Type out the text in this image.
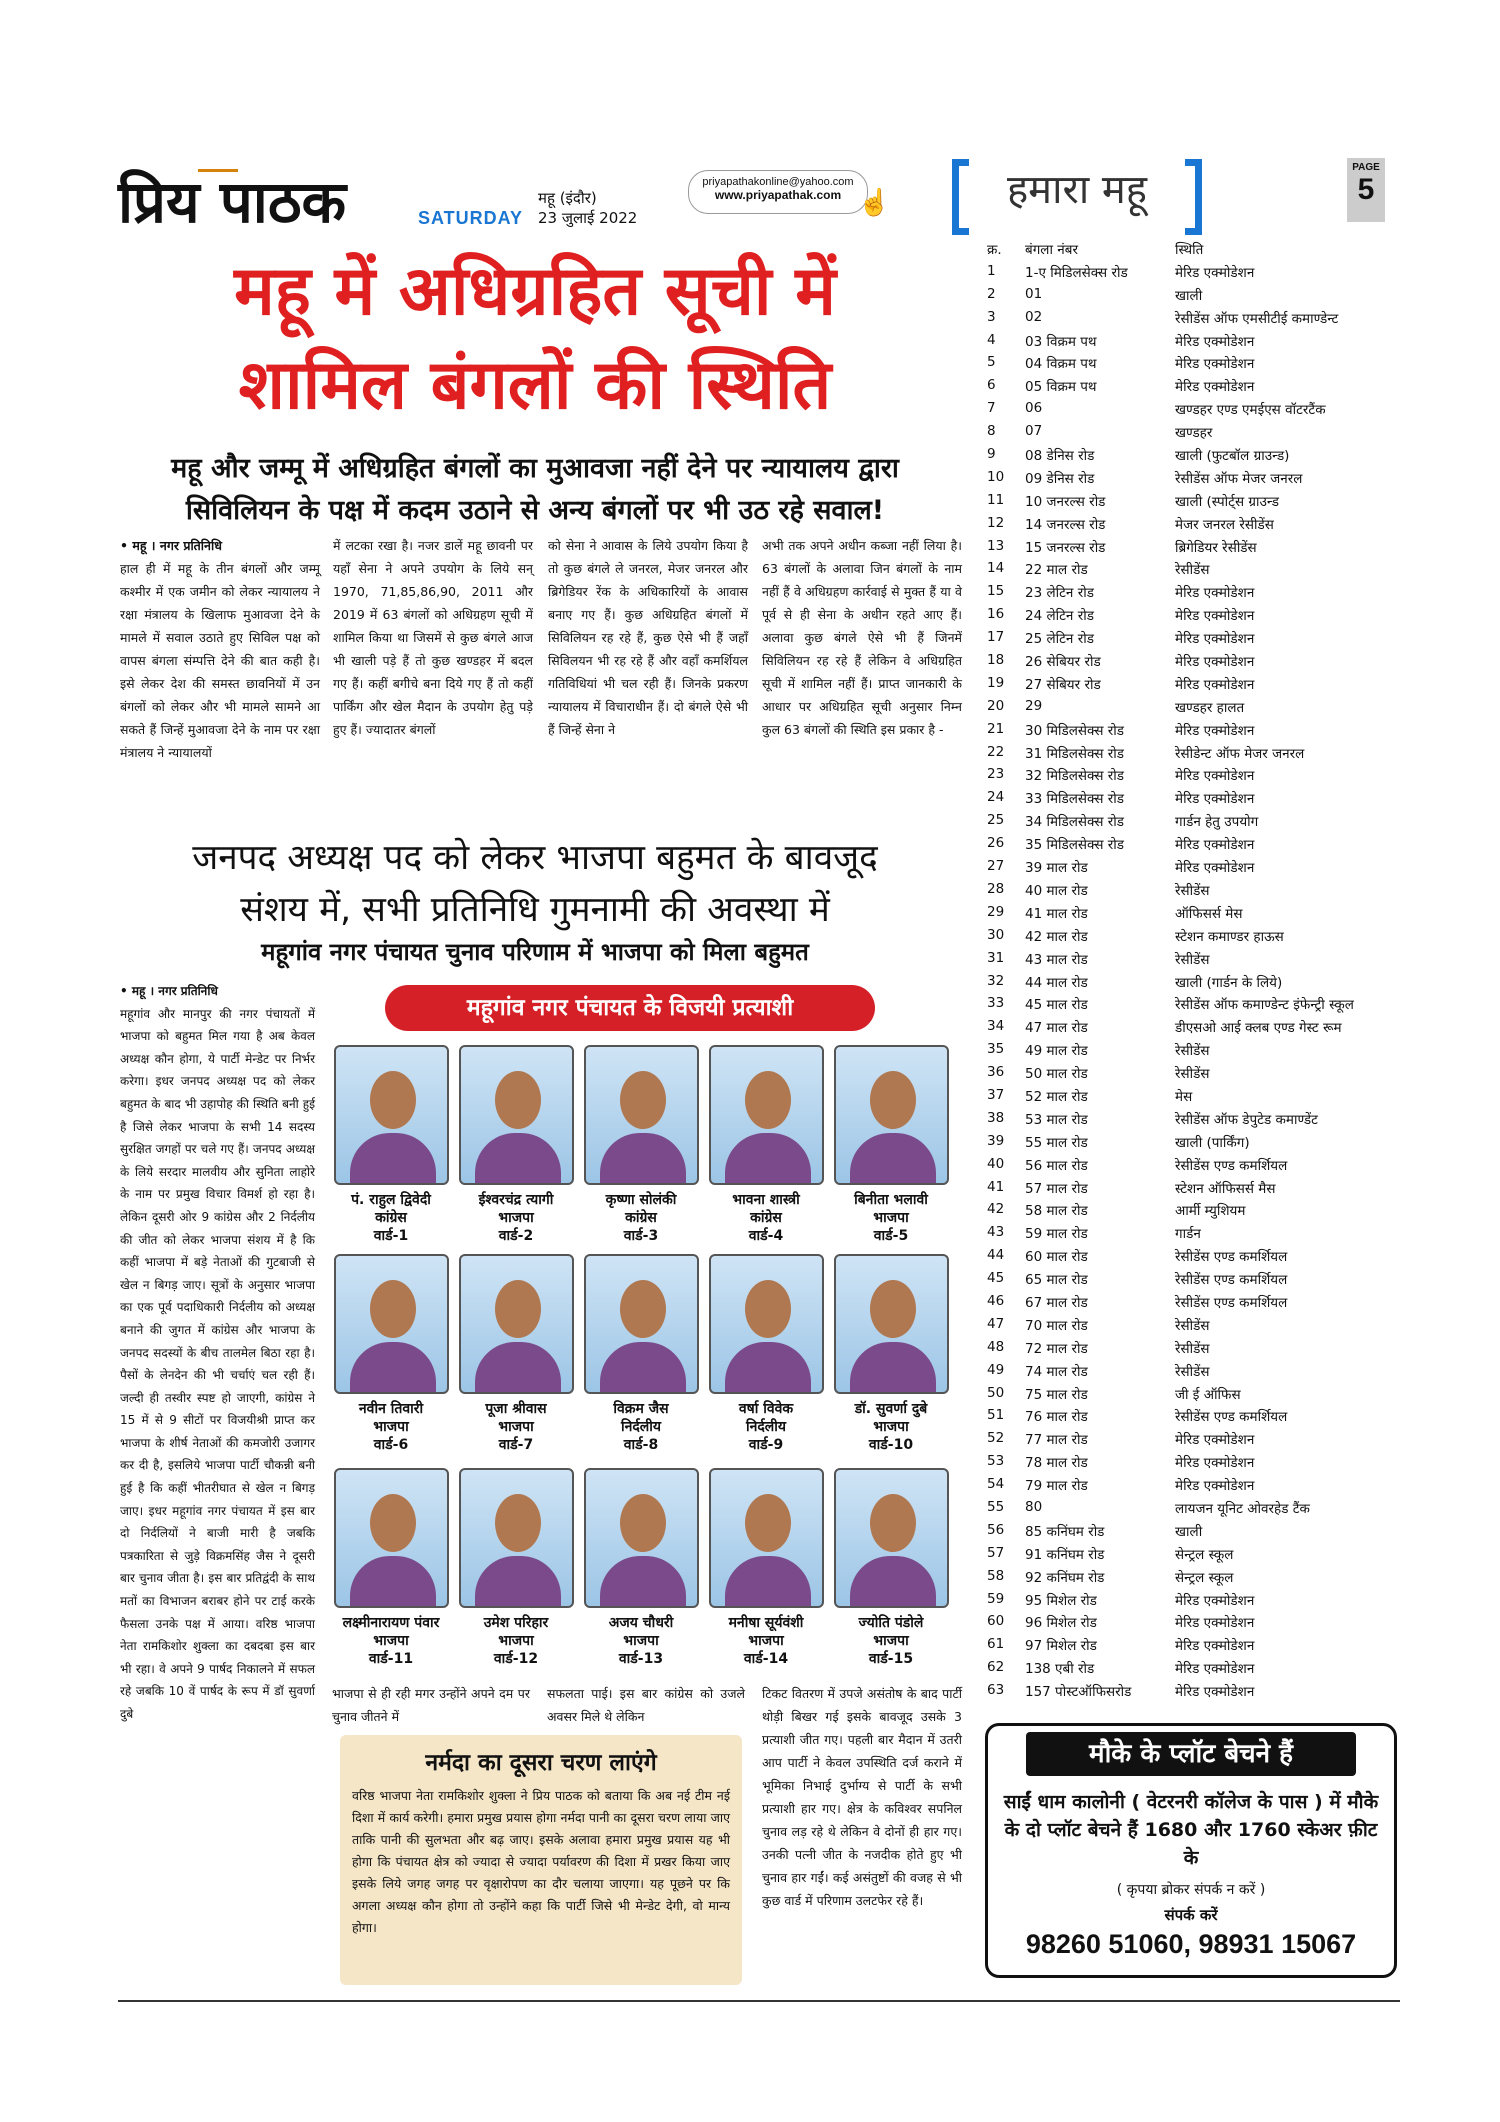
प्रिय पाठक	SATURDAY
महू (इंदौर)
23 जुलाई 2022
priyapathakonline@yahoo.com
www.priyapathak.com ☝	हमारा महू	PAGE
5
महू में अधिग्रहित सूची में
शामिल बंगलों की स्थिति
महू और जम्मू में अधिग्रहित बंगलों का मुआवजा नहीं देने पर न्यायालय द्वारा सिविलियन के पक्ष में कदम उठाने से अन्य बंगलों पर भी उठ रहे सवाल!
• महू । नगर प्रतिनिधि
हाल ही में महू के तीन बंगलों और जम्मू कश्मीर में एक जमीन को लेकर न्यायालय ने रक्षा मंत्रालय के खिलाफ मुआवजा देने के मामले में सवाल उठाते हुए सिविल पक्ष को वापस बंगला संम्पत्ति देने की बात कही है। इसे लेकर देश की समस्त छावनियों में उन बंगलों को लेकर और भी मामले सामने आ सकते हैं जिन्हें मुआवजा देने के नाम पर रक्षा मंत्रालय ने न्यायालयों
में लटका रखा है। नजर डालें महू छावनी पर यहाँ सेना ने अपने उपयोग के लिये सन् 1970, 71,85,86,90, 2011 और 2019 में 63 बंगलों को अधिग्रहण सूची में शामिल किया था जिसमें से कुछ बंगले आज भी खाली पड़े हैं तो कुछ खण्डहर में बदल गए हैं। कहीं बगीचे बना दिये गए हैं तो कहीं पार्किंग और खेल मैदान के उपयोग हेतु पड़े हुए हैं। ज्यादातर बंगलों
को सेना ने आवास के लिये उपयोग किया है तो कुछ बंगले ले जनरल, मेजर जनरल और ब्रिगेडियर रेंक के अधिकारियों के आवास बनाए गए हैं। कुछ अधिग्रहित बंगलों में सिविलियन रह रहे हैं, कुछ ऐसे भी हैं जहाँ सिविलयन भी रह रहे हैं और वहाँ कमर्शियल गतिविधियां भी चल रही हैं। जिनके प्रकरण न्यायालय में विचाराधीन हैं। दो बंगले ऐसे भी हैं जिन्हें सेना ने
अभी तक अपने अधीन कब्जा नहीं लिया है। 63 बंगलों के अलावा जिन बंगलों के नाम नहीं हैं वे अधिग्रहण कार्रवाई से मुक्त हैं या वे पूर्व से ही सेना के अधीन रहते आए हैं। अलावा कुछ बंगले ऐसे भी हैं जिनमें सिविलियन रह रहे हैं लेकिन वे अधिग्रहित सूची में शामिल नहीं हैं। प्राप्त जानकारी के आधार पर अधिग्रहित सूची अनुसार निम्न कुल 63 बंगलों की स्थिति इस प्रकार है -
जनपद अध्यक्ष पद को लेकर भाजपा बहुमत के बावजूद
संशय में, सभी प्रतिनिधि गुमनामी की अवस्था में
महूगांव नगर पंचायत चुनाव परिणाम में भाजपा को मिला बहुमत
• महू । नगर प्रतिनिधि
महूगांव और मानपुर की नगर पंचायतों में भाजपा को बहुमत मिल गया है अब केवल अध्यक्ष कौन होगा, ये पार्टी मेन्डेट पर निर्भर करेगा। इधर जनपद अध्यक्ष पद को लेकर बहुमत के बाद भी उहापोह की स्थिति बनी हुई है जिसे लेकर भाजपा के सभी 14 सदस्य सुरक्षित जगहों पर चले गए हैं। जनपद अध्यक्ष के लिये सरदार मालवीय और सुनिता लाहोरे के नाम पर प्रमुख विचार विमर्श हो रहा है। लेकिन दूसरी ओर 9 कांग्रेस और 2 निर्दलीय की जीत को लेकर भाजपा संशय में है कि कहीं भाजपा में बड़े नेताओं की गुटबाजी से खेल न बिगड़ जाए। सूत्रों के अनुसार भाजपा का एक पूर्व पदाधिकारी निर्दलीय को अध्यक्ष बनाने की जुगत में कांग्रेस और भाजपा के जनपद सदस्यों के बीच तालमेल बिठा रहा है। पैसों के लेनदेन की भी चर्चाएं चल रही हैं। जल्दी ही तस्वीर स्पष्ट हो जाएगी, कांग्रेस ने 15 में से 9 सीटों पर विजयीश्री प्राप्त कर भाजपा के शीर्ष नेताओं की कमजोरी उजागर कर दी है, इसलिये भाजपा पार्टी चौकन्नी बनी हुई है कि कहीं भीतरीघात से खेल न बिगड़ जाए। इधर महूगांव नगर पंचायत में इस बार दो निर्दलियों ने बाजी मारी है जबकि पत्रकारिता से जुड़े विक्रमसिंह जैस ने दूसरी बार चुनाव जीता है। इस बार प्रतिद्वंदी के साथ मतों का विभाजन बराबर होने पर टाई करके फैसला उनके पक्ष में आया। वरिष्ठ भाजपा नेता रामकिशोर शुक्ला का दबदबा इस बार भी रहा। वे अपने 9 पार्षद निकालने में सफल रहे जबकि 10 वें पार्षद के रूप में डॉ सुवर्णा दुबे
महूगांव नगर पंचायत के विजयी प्रत्याशी
पं. राहुल द्विवेदी
कांग्रेस
वार्ड-1
ईश्वरचंद्र त्यागी
भाजपा
वार्ड-2
कृष्णा सोलंकी
कांग्रेस
वार्ड-3
भावना शास्त्री
कांग्रेस
वार्ड-4
बिनीता भलावी
भाजपा
वार्ड-5
नवीन तिवारी
भाजपा
वार्ड-6
पूजा श्रीवास
भाजपा
वार्ड-7
विक्रम जैस
निर्दलीय
वार्ड-8
वर्षा विवेक
निर्दलीय
वार्ड-9
डॉ. सुवर्णा दुबे
भाजपा
वार्ड-10
लक्ष्मीनारायण पंवार
भाजपा
वार्ड-11
उमेश परिहार
भाजपा
वार्ड-12
अजय चौधरी
भाजपा
वार्ड-13
मनीषा सूर्यवंशी
भाजपा
वार्ड-14
ज्योति पंडोले
भाजपा
वार्ड-15
भाजपा से ही रही मगर उन्होंने अपने दम पर चुनाव जीतने में
सफलता पाई। इस बार कांग्रेस को उजले अवसर मिले थे लेकिन
टिकट वितरण में उपजे असंतोष के बाद पार्टी थोड़ी बिखर गई इसके बावजूद उसके 3 प्रत्याशी जीत गए। पहली बार मैदान में उतरी आप पार्टी ने केवल उपस्थिति दर्ज कराने में भूमिका निभाई दुर्भाग्य से पार्टी के सभी प्रत्याशी हार गए। क्षेत्र के कविश्वर सपनिल चुनाव लड़ रहे थे लेकिन वे दोनों ही हार गए। उनकी पत्नी जीत के नजदीक होते हुए भी चुनाव हार गईं। कई असंतुष्टों की वजह से भी कुछ वार्ड में परिणाम उलटफेर रहे हैं।
नर्मदा का दूसरा चरण लाएंगे
वरिष्ठ भाजपा नेता रामकिशोर शुक्ला ने प्रिय पाठक को बताया कि अब नई टीम नई दिशा में कार्य करेगी। हमारा प्रमुख प्रयास होगा नर्मदा पानी का दूसरा चरण लाया जाए ताकि पानी की सुलभता और बढ़ जाए। इसके अलावा हमारा प्रमुख प्रयास यह भी होगा कि पंचायत क्षेत्र को ज्यादा से ज्यादा पर्यावरण की दिशा में प्रखर किया जाए इसके लिये जगह जगह पर वृक्षारोपण का दौर चलाया जाएगा। यह पूछने पर कि अगला अध्यक्ष कौन होगा तो उन्होंने कहा कि पार्टी जिसे भी मेन्डेट देगी, वो मान्य होगा।
क्र.	बंगला नंबर	स्थिति
1	1-ए मिडिलसेक्स रोड	मेरिड एक्मोडेशन
2	01	खाली
3	02	रेसीडेंस ऑफ एमसीटीई कमाण्डेन्ट
4	03 विक्रम पथ	मेरिड एक्मोडेशन
5	04 विक्रम पथ	मेरिड एक्मोडेशन
6	05 विक्रम पथ	मेरिड एक्मोडेशन
7	06	खण्डहर एण्ड एमईएस वॉटरटैंक
8	07	खण्डहर
9	08 डेनिस रोड	खाली (फुटबॉल ग्राउन्ड)
10	09 डेनिस रोड	रेसीडेंस ऑफ मेजर जनरल
11	10 जनरल्स रोड	खाली (स्पोर्ट्स ग्राउन्ड
12	14 जनरल्स रोड	मेजर जनरल रेसीडेंस
13	15 जनरल्स रोड	ब्रिगेडियर रेसीडेंस
14	22 माल रोड	रेसीडेंस
15	23 लेटिन रोड	मेरिड एक्मोडेशन
16	24 लेटिन रोड	मेरिड एक्मोडेशन
17	25 लेटिन रोड	मेरिड एक्मोडेशन
18	26 सेबियर रोड	मेरिड एक्मोडेशन
19	27 सेबियर रोड	मेरिड एक्मोडेशन
20	29	खण्डहर हालत
21	30 मिडिलसेक्स रोड	मेरिड एक्मोडेशन
22	31 मिडिलसेक्स रोड	रेसीडेन्ट ऑफ मेजर जनरल
23	32 मिडिलसेक्स रोड	मेरिड एक्मोडेशन
24	33 मिडिलसेक्स रोड	मेरिड एक्मोडेशन
25	34 मिडिलसेक्स रोड	गार्डन हेतु उपयोग
26	35 मिडिलसेक्स रोड	मेरिड एक्मोडेशन
27	39 माल रोड	मेरिड एक्मोडेशन
28	40 माल रोड	रेसीडेंस
29	41 माल रोड	ऑफिसर्स मेस
30	42 माल रोड	स्टेशन कमाण्डर हाऊस
31	43 माल रोड	रेसीडेंस
32	44 माल रोड	खाली (गार्डन के लिये)
33	45 माल रोड	रेसीडेंस ऑफ कमाण्डेन्ट इंफेन्ट्री स्कूल
34	47 माल रोड	डीएसओ आई क्लब एण्ड गेस्ट रूम
35	49 माल रोड	रेसीडेंस
36	50 माल रोड	रेसीडेंस
37	52 माल रोड	मेस
38	53 माल रोड	रेसीडेंस ऑफ डेपुटेड कमाण्डेंट
39	55 माल रोड	खाली (पार्किंग)
40	56 माल रोड	रेसीडेंस एण्ड कमर्शियल
41	57 माल रोड	स्टेशन ऑफिसर्स मैस
42	58 माल रोड	आर्मी म्युशियम
43	59 माल रोड	गार्डन
44	60 माल रोड	रेसीडेंस एण्ड कमर्शियल
45	65 माल रोड	रेसीडेंस एण्ड कमर्शियल
46	67 माल रोड	रेसीडेंस एण्ड कमर्शियल
47	70 माल रोड	रेसीडेंस
48	72 माल रोड	रेसीडेंस
49	74 माल रोड	रेसीडेंस
50	75 माल रोड	जी ई ऑफिस
51	76 माल रोड	रेसीडेंस एण्ड कमर्शियल
52	77 माल रोड	मेरिड एक्मोडेशन
53	78 माल रोड	मेरिड एक्मोडेशन
54	79 माल रोड	मेरिड एक्मोडेशन
55	80	लायजन यूनिट ओवरहेड टैंक
56	85 कनिंघम रोड	खाली
57	91 कनिंघम रोड	सेन्ट्रल स्कूल
58	92 कनिंघम रोड	सेन्ट्रल स्कूल
59	95 मिशेल रोड	मेरिड एक्मोडेशन
60	96 मिशेल रोड	मेरिड एक्मोडेशन
61	97 मिशेल रोड	मेरिड एक्मोडेशन
62	138 एबी रोड	मेरिड एक्मोडेशन
63	157 पोस्टऑफिसरोड	मेरिड एक्मोडेशन
मौके के प्लॉट बेचने हैं
साईं धाम कालोनी ( वेटरनरी कॉलेज के पास ) में मौके के दो प्लॉट बेचने हैं 1680 और 1760 स्केअर फ़ीट के
( कृपया ब्रोकर संपर्क न करें )
संपर्क करें
98260 51060, 98931 15067
